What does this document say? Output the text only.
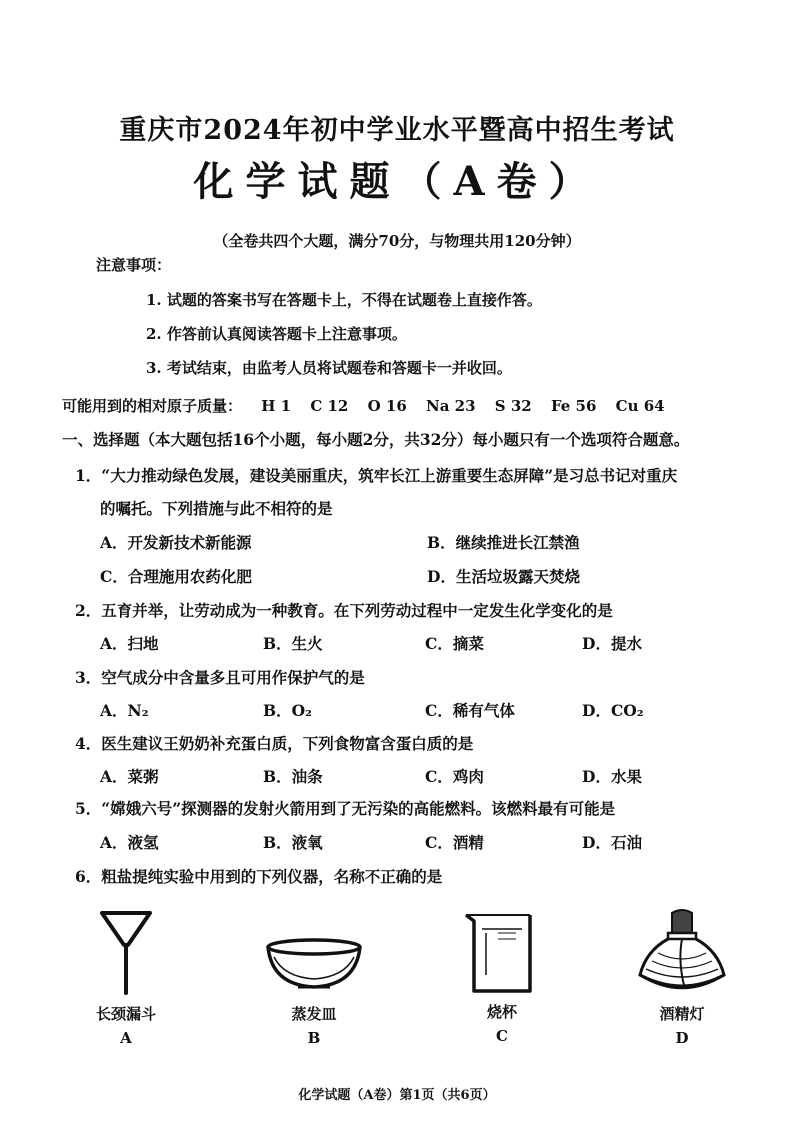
重庆市2024年初中学业水平暨高中招生考试
化学试题（A卷）
（全卷共四个大题，满分70分，与物理共用120分钟）
注意事项：
1. 试题的答案书写在答题卡上，不得在试题卷上直接作答。
2. 作答前认真阅读答题卡上注意事项。
3. 考试结束，由监考人员将试题卷和答题卡一并收回。
可能用到的相对原子质量： H 1 C 12 O 16 Na 23 S 32 Fe 56 Cu 64
一、选择题（本大题包括16个小题，每小题2分，共32分）每小题只有一个选项符合题意。
1．“大力推动绿色发展，建设美丽重庆，筑牢长江上游重要生态屏障”是习总书记对重庆
的嘱托。下列措施与此不相符的是
A．开发新技术新能源	B．继续推进长江禁渔
C．合理施用农药化肥	D．生活垃圾露天焚烧
2．五育并举，让劳动成为一种教育。在下列劳动过程中一定发生化学变化的是
A．扫地	B．生火	C．摘菜	D．提水
3．空气成分中含量多且可用作保护气的是
A．N₂	B．O₂	C．稀有气体	D．CO₂
4．医生建议王奶奶补充蛋白质，下列食物富含蛋白质的是
A．菜粥	B．油条	C．鸡肉	D．水果
5．“嫦娥六号”探测器的发射火箭用到了无污染的高能燃料。该燃料最有可能是
A．液氢	B．液氧	C．酒精	D．石油
6．粗盐提纯实验中用到的下列仪器，名称不正确的是
长颈漏斗
A
蒸发皿
B
烧杯
C
酒精灯
D
化学试题（A卷）第1页（共6页）
